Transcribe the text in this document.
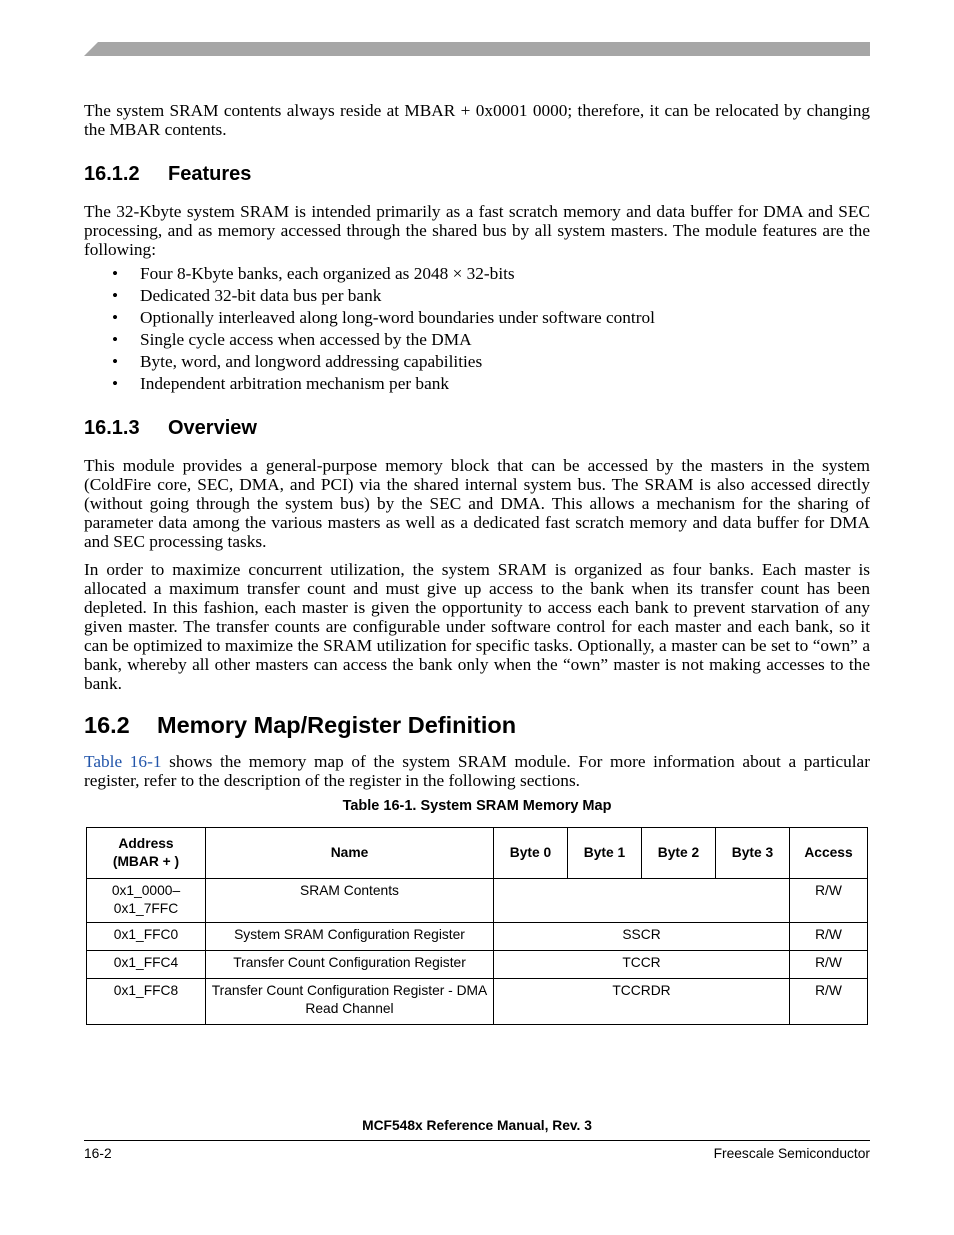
The system SRAM contents always reside at MBAR + 0x0001 0000; therefore, it can be relocated by changing the MBAR contents.

16.1.2 Features

The 32-Kbyte system SRAM is intended primarily as a fast scratch memory and data buffer for DMA and SEC processing, and as memory accessed through the shared bus by all system masters. The module features are the following:

• Four 8-Kbyte banks, each organized as 2048 × 32-bits
• Dedicated 32-bit data bus per bank
• Optionally interleaved along long-word boundaries under software control
• Single cycle access when accessed by the DMA
• Byte, word, and longword addressing capabilities
• Independent arbitration mechanism per bank
16.1.3 Overview

This module provides a general-purpose memory block that can be accessed by the masters in the system (ColdFire core, SEC, DMA, and PCI) via the shared internal system bus. The SRAM is also accessed directly (without going through the system bus) by the SEC and DMA. This allows a mechanism for the sharing of parameter data among the various masters as well as a dedicated fast scratch memory and data buffer for DMA and SEC processing tasks.

In order to maximize concurrent utilization, the system SRAM is organized as four banks. Each master is allocated a maximum transfer count and must give up access to the bank when its transfer count has been depleted. In this fashion, each master is given the opportunity to access each bank to prevent starvation of any given master. The transfer counts are configurable under software control for each master and each bank, so it can be optimized to maximize the SRAM utilization for specific tasks. Optionally, a master can be set to “own” a bank, whereby all other masters can access the bank only when the “own” master is not making accesses to the bank.

16.2 Memory Map/Register Definition

Table 16-1 shows the memory map of the system SRAM module. For more information about a particular register, refer to the description of the register in the following sections.

Table 16-1. System SRAM Memory Map
Address
(MBAR + )	Name	Byte 0	Byte 1	Byte 2	Byte 3	Access

0x1_0000–
0x1_7FFC	SRAM Contents					R/W
0x1_FFC0	System SRAM Configuration Register	SSCR				R/W
0x1_FFC4	Transfer Count Configuration Register	TCCR				R/W
0x1_FFC8	Transfer Count Configuration Register - DMA
Read Channel	TCCRDR				R/W
MCF548x Reference Manual, Rev. 3
16-2	Freescale Semiconductor
